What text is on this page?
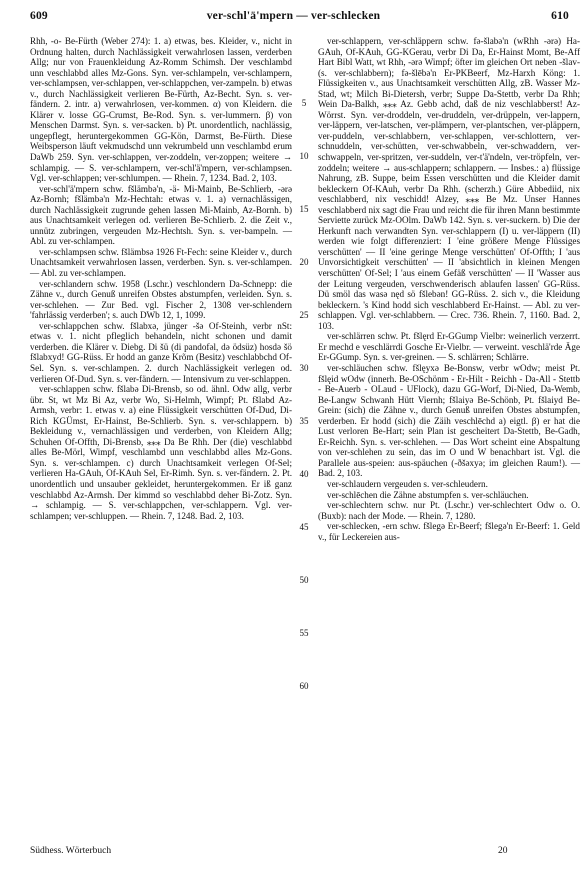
609	ver-schl'ä'mpern — ver-schlecken	610

Rhh, -o- Be-Fürth (Weber 274): 1. a) etwas, bes. Kleider, v., nicht in Ordnung halten, durch Nachlässigkeit verwahrlosen lassen, verderben Allg; nur von Frauenkleidung Az-Romm Schimsh. Der veschlambd unn veschlabbd alles Mz-Gons. Syn. ver-schlampeln, ver-schlampern, ver-schlampsen, ver-schlappen, ver-schlappchen, ver-zampeln. b) etwas v., durch Nachlässigkeit verlieren Be-Fürth, Az-Becht. Syn. s. ver-fändern. 2. intr. a) verwahrlosen, ver-kommen. α) von Kleidern. die Klärer v. losse GG-Crumst, Be-Rod. Syn. s. ver-lummern. β) von Menschen Darmst. Syn. s. ver-sacken. b) Pt. unordentlich, nachlässig, ungepflegt, heruntergekommen GG-Kön, Darmst, Be-Fürth. Diese Weibsperson läuft vekmudschd unn vekrumbeld unn veschlambd erum DaWb 259. Syn. ver-schlappen, ver-zoddeln, ver-zoppen; weitere → schlampig. — S. ver-schlampern, ver-schl'ä'mpern, ver-schlampsen. Vgl. ver-schlappen; ver-schlumpen. — Rhein. 7, 1234. Bad. 2, 103.

ver-schl'ä'mpern schw. fšlämbə'n, -ä- Mi-Mainb, Be-Schlierb, -ərə Az-Bornh; fšlämbə'n Mz-Hechtah: etwas v. 1. a) vernachlässigen, durch Nachlässigkeit zugrunde gehen lassen Mi-Mainb, Az-Bornh. b) aus Unachtsamkeit verlegen od. verlieren Be-Schlierb. 2. die Zeit v., unnütz zubringen, vergeuden Mz-Hechtsh. Syn. s. ver-bampeln. — Abl. zu ver-schlampen.

ver-schlampsen schw. fšlämbsə 1926 Ft-Fech: seine Kleider v., durch Unachtsamkeit verwahrlosen lassen, verderben. Syn. s. ver-schlampen. — Abl. zu ver-schlampen.

ver-schlandern schw. 1958 (Lschr.) veschlondern Da-Schnepp: die Zähne v., durch Genuß unreifen Obstes abstumpfen, verleiden. Syn. s. ver-schlehen. — Zur Bed. vgl. Fischer 2, 1308 ver-schlendern 'fahrlässig verderben'; s. auch DWb 12, 1, 1099.

ver-schlappchen schw. fšlabxə, jünger -šə Of-Steinh, verbr nSt: etwas v. 1. nicht pfleglich behandeln, nicht schonen und damit verderben. die Klärer v. Diebg. Di šü (di pandofəl, də ödsüz) hosdə šö fšlabxyd! GG-Rüss. Er hodd an ganze Krõm (Besitz) veschlabbchd Of-Sel. Syn. s. ver-schlampen. 2. durch Nachlässigkeit verlegen od. verlieren Of-Dud. Syn. s. ver-fändern. — Intensivum zu ver-schlappen.

ver-schlappen schw. fšlabə Di-Brensb, so od. ähnl. Odw allg, verbr übr. St, wt Mz Bi Az, verbr Wo, Si-Helmh, Wimpf; Pt. fšlabd Az-Armsh, verbr: 1. etwas v. a) eine Flüssigkeit verschütten Of-Dud, Di-Rich KGÜmst, Er-Hainst, Be-Schlierb. Syn. s. ver-schlappern. b) Bekleidung v., vernachlässigen und verderben, von Kleidern Allg; Schuhen Of-Offth, Di-Brensb, ⁎⁎⁎ Da Be Rhh. Der (die) veschlabbd alles Be-Mörl, Wimpf, veschlambd unn veschlabbd alles Mz-Gons. Syn. s. ver-schlampen. c) durch Unachtsamkeit verlegen Of-Sel; verlieren Ha-GAuh, Of-KAuh Sel, Er-Rimh. Syn. s. ver-fändern. 2. Pt. unordentlich und unsauber gekleidet, heruntergekommen. Er iß ganz veschlabbd Az-Armsh. Der kimmd so veschlabbd deher Bi-Zotz. Syn. → schlampig. — S. ver-schlappchen, ver-schlappern. Vgl. ver-schlampen; ver-schluppen. — Rhein. 7, 1248. Bad. 2, 103.

5
10
15
20
25
30
35
40
45
50
55
60

ver-schlappern, ver-schläppern schw. fə-šlabə'n (wRhh -ərə) Ha-GAuh, Of-KAuh, GG-KGerau, verbr Di Da, Er-Hainst Momt, Be-Aff Hart Bibl Watt, wt Rhh, -ərə Wimpf; öfter im gleichen Ort neben -šlav- (s. ver-schlabbern); fə-šlēbə'n Er-PKBeerf, Mz-Harxh Köng: 1. Flüssigkeiten v., aus Unachtsamkeit verschütten Allg, zB. Wasser Mz-Stad, wt; Milch Bi-Dietersh, verbr; Suppe Da-Stettb, verbr Da Rhh; Wein Da-Balkh, ⁎⁎⁎ Az. Gebb achd, daß de niz veschlabberst! Az-Wörrst. Syn. ver-droddeln, ver-druddeln, ver-drüppeln, ver-lappern, ver-läppern, ver-latschen, ver-plämpern, ver-plantschen, ver-pläppern, ver-puddeln, ver-schlabbern, ver-schlappen, ver-schlottern, ver-schnuddeln, ver-schütten, ver-schwabbeln, ver-schwaddern, ver-schwappeln, ver-spritzen, ver-suddeln, ver-t'ä'ndeln, ver-tröpfeln, ver-zoddeln; weitere → aus-schlappern; schlappern. — Insbes.: a) flüssige Nahrung, zB. Suppe, beim Essen verschütten und die Kleider damit bekleckern Of-KAuh, verbr Da Rhh. (scherzh.) Güre Abbediid, nix veschlabberd, nix veschidd! Alzey, ⁎⁎⁎ Be Mz. Unser Hannes veschlabberd nix sagt die Frau und reicht die für ihren Mann bestimmte Serviette zurück Mz-OOlm. DaWb 142. Syn. s. ver-suckern. b) Die der Herkunft nach verwandten Syn. ver-schlappern (I) u. ver-läppern (II) werden wie folgt differenziert: I 'eine größere Menge Flüssiges verschütten' — II 'eine geringe Menge verschütten' Of-Offth; I 'aus Unvorsichtigkeit verschütten' — II 'absichtlich in kleinen Mengen verschütten' Of-Sel; I 'aus einem Gefäß verschütten' — II 'Wasser aus der Leitung vergeuden, verschwenderisch ablaufen lassen' GG-Rüss. Dü smöl das wasə nęd sö fšlebən! GG-Rüss. 2. sich v., die Kleidung bekleckern. 's Kind hodd sich veschlabberd Er-Hainst. — Abl. zu ver-schlappen. Vgl. ver-schlabbern. — Crec. 736. Rhein. 7, 1160. Bad. 2, 103.

ver-schlärren schw. Pt. fšlęrd Er-GGump Vielbr: weinerlich verzerrt. Er mechd e veschlärrdi Gosche Er-Vielbr. — verweint. veschlä'rde Äge Er-GGump. Syn. s. ver-greinen. — S. schlärren; Schlärre.

ver-schläuchen schw. fšlęyxə Be-Bonsw, verbr wOdw; meist Pt. fšlęid wOdw (innerh. Be-OSchönm - Er-Hilt - Reichh - Da-All - Stettb - Be-Auerb - OLaud - UFlock), dazu GG-Worf, Di-Nied, Da-Wemb, Be-Langw Schwanh Hütt Viernh; fšlaiyə Be-Schönb, Pt. fšlaiyd Be-Grein: (sich) die Zähne v., durch Genuß unreifen Obstes abstumpfen, verderben. Er hodd (sich) die Zäih veschlēchd a) eigtl. β) er hat die Lust verloren Be-Hart; sein Plan ist gescheitert Da-Stettb, Be-Gadh, Er-Reichh. Syn. s. ver-schlehen. — Das Wort scheint eine Abspaltung von ver-schlehen zu sein, das im O und W benachbart ist. Vgl. die Parallele aus-speien: aus-späuchen (-ðšəxyə; im gleichen Raum!). — Bad. 2, 103.

ver-schlaudern vergeuden s. ver-schleudern.

ver-schlēchen die Zähne abstumpfen s. ver-schläuchen.

ver-schlechtern schw. nur Pt. (Lschr.) ver-schlechtert Odw o. O. (Buxb): nach der Mode. — Rhein. 7, 1280.

ver-schlecken, -ern schw. fšlegə Er-Beerf; fšlegə'n Er-Beerf: 1. Geld v., für Leckereien aus-

Südhess. Wörterbuch	20
